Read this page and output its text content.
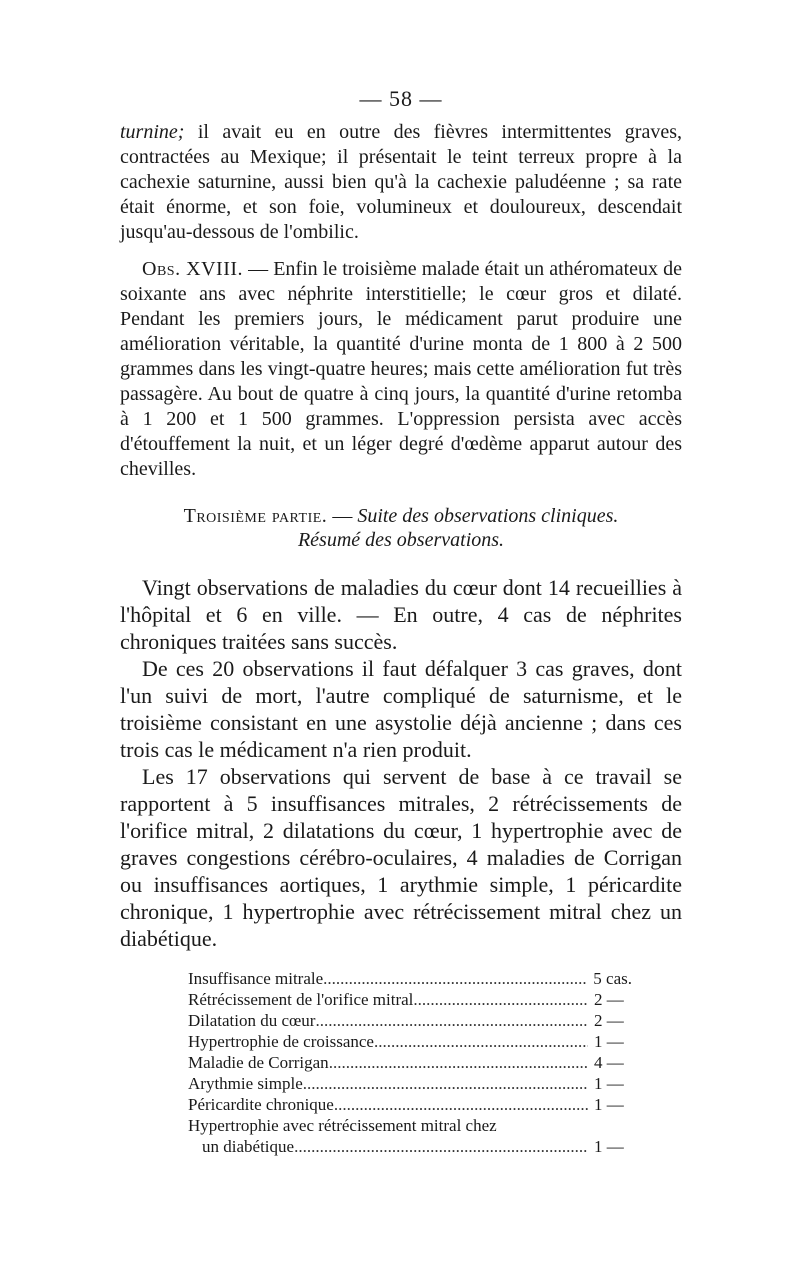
— 58 —

turnine; il avait eu en outre des fièvres intermittentes graves, contractées au Mexique; il présentait le teint terreux propre à la cachexie saturnine, aussi bien qu'à la cachexie paludéenne ; sa rate était énorme, et son foie, volumineux et douloureux, descendait jusqu'au-dessous de l'ombilic.

Obs. XVIII. — Enfin le troisième malade était un athéromateux de soixante ans avec néphrite interstitielle; le cœur gros et dilaté. Pendant les premiers jours, le médicament parut produire une amélioration véritable, la quantité d'urine monta de 1 800 à 2 500 grammes dans les vingt-quatre heures; mais cette amélioration fut très passagère. Au bout de quatre à cinq jours, la quantité d'urine retomba à 1 200 et 1 500 grammes. L'oppression persista avec accès d'étouffement la nuit, et un léger degré d'œdème apparut autour des chevilles.

Troisième partie. — Suite des observations cliniques.
Résumé des observations.

Vingt observations de maladies du cœur dont 14 recueillies à l'hôpital et 6 en ville. — En outre, 4 cas de néphrites chroniques traitées sans succès.

De ces 20 observations il faut défalquer 3 cas graves, dont l'un suivi de mort, l'autre compliqué de saturnisme, et le troisième consistant en une asystolie déjà ancienne ; dans ces trois cas le médicament n'a rien produit.

Les 17 observations qui servent de base à ce travail se rapportent à 5 insuffisances mitrales, 2 rétrécissements de l'orifice mitral, 2 dilatations du cœur, 1 hypertrophie avec de graves congestions cérébro-oculaires, 4 maladies de Corrigan ou insuffisances aortiques, 1 arythmie simple, 1 péricardite chronique, 1 hypertrophie avec rétrécissement mitral chez un diabétique.

Insuffisance mitrale .....	5 cas.
Rétrécissement de l'orifice mitral .....	2 —
Dilatation du cœur .....	2 —
Hypertrophie de croissance .....	1 —
Maladie de Corrigan .....	4 —
Arythmie simple .....	1 —
Péricardite chronique .....	1 —
Hypertrophie avec rétrécissement mitral chez
un diabétique .....	1 —
